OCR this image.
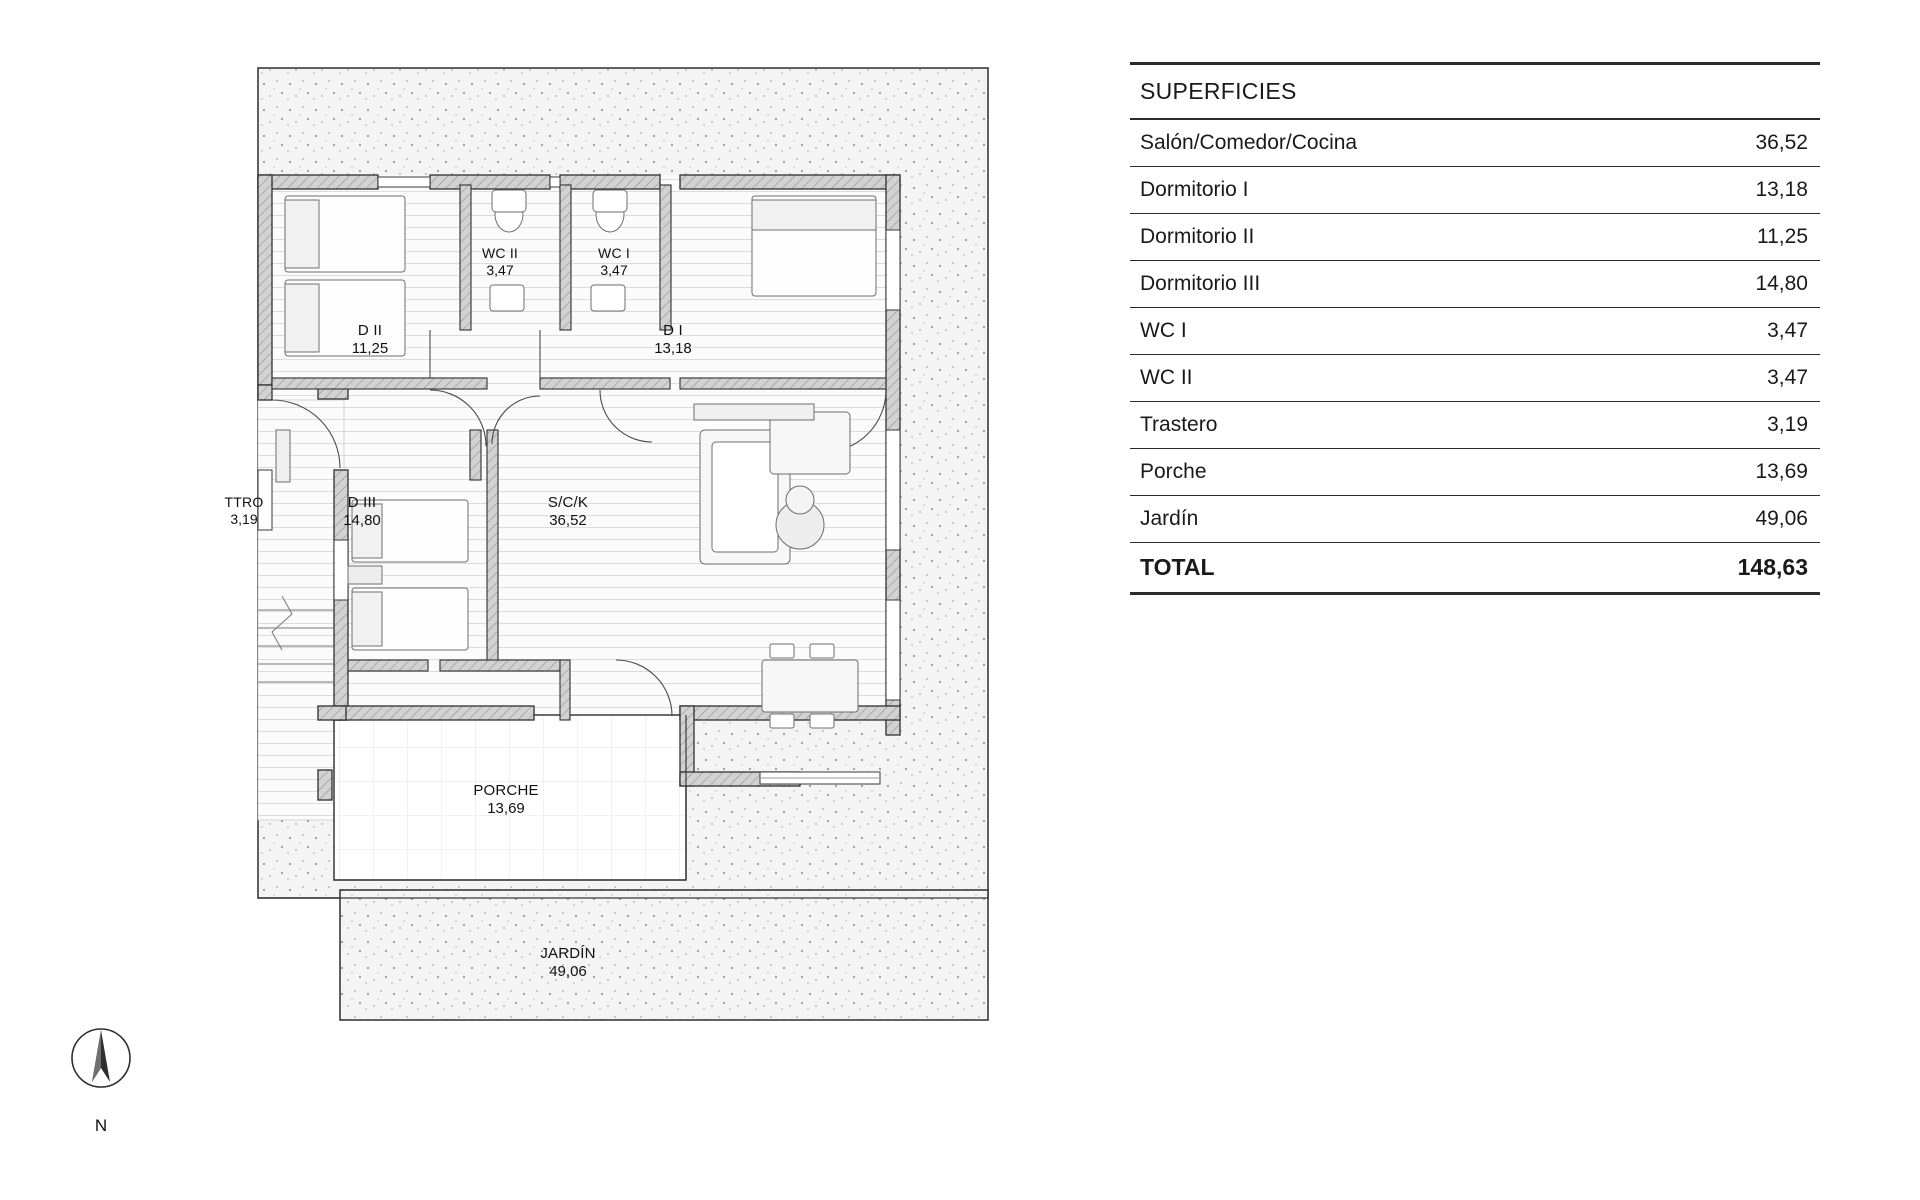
D II
11,25
WC II
3,47
WC I
3,47
D I
13,18
TTRO
3,19
D III
14,80
S/C/K
36,52
PORCHE
13,69
JARDÍN
49,06
N
SUPERFICIES	
Salón/Comedor/Cocina	36,52
Dormitorio I	13,18
Dormitorio II	11,25
Dormitorio III	14,80
WC I	3,47
WC II	3,47
Trastero	3,19
Porche	13,69
Jardín	49,06
TOTAL	148,63
